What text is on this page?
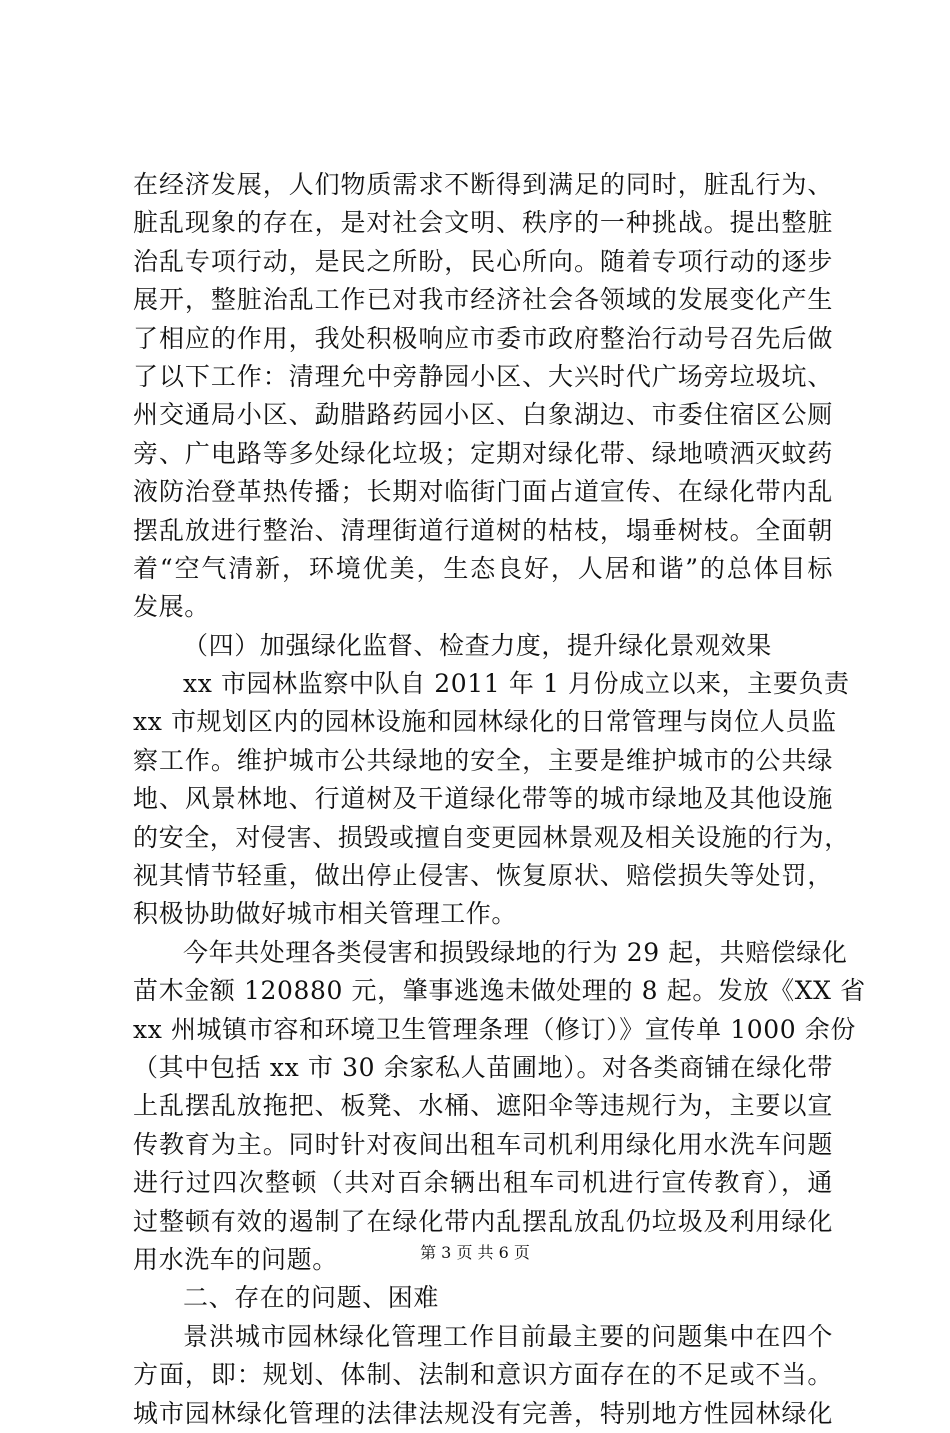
在经济发展，人们物质需求不断得到满足的同时，脏乱行为、
脏乱现象的存在，是对社会文明、秩序的一种挑战。提出整脏
治乱专项行动，是民之所盼，民心所向。随着专项行动的逐步
展开，整脏治乱工作已对我市经济社会各领域的发展变化产生
了相应的作用，我处积极响应市委市政府整治行动号召先后做
了以下工作：清理允中旁静园小区、大兴时代广场旁垃圾坑、
州交通局小区、勐腊路药园小区、白象湖边、市委住宿区公厕
旁、广电路等多处绿化垃圾；定期对绿化带、绿地喷洒灭蚊药
液防治登革热传播；长期对临街门面占道宣传、在绿化带内乱
摆乱放进行整治、清理街道行道树的枯枝，塌垂树枝。全面朝
着“空气清新，环境优美，生态良好，人居和谐”的总体目标
发展。
（四）加强绿化监督、检查力度，提升绿化景观效果
xx 市园林监察中队自 2011 年 1 月份成立以来，主要负责
xx 市规划区内的园林设施和园林绿化的日常管理与岗位人员监
察工作。维护城市公共绿地的安全，主要是维护城市的公共绿
地、风景林地、行道树及干道绿化带等的城市绿地及其他设施
的安全，对侵害、损毁或擅自变更园林景观及相关设施的行为，
视其情节轻重，做出停止侵害、恢复原状、赔偿损失等处罚，
积极协助做好城市相关管理工作。
今年共处理各类侵害和损毁绿地的行为 29 起，共赔偿绿化
苗木金额 120880 元，肇事逃逸未做处理的 8 起。发放《XX 省
xx 州城镇市容和环境卫生管理条理（修订）》宣传单 1000 余份
（其中包括 xx 市 30 余家私人苗圃地）。对各类商铺在绿化带
上乱摆乱放拖把、板凳、水桶、遮阳伞等违规行为，主要以宣
传教育为主。同时针对夜间出租车司机利用绿化用水洗车问题
进行过四次整顿（共对百余辆出租车司机进行宣传教育），通
过整顿有效的遏制了在绿化带内乱摆乱放乱仍垃圾及利用绿化
用水洗车的问题。
二、存在的问题、困难
景洪城市园林绿化管理工作目前最主要的问题集中在四个
方面，即：规划、体制、法制和意识方面存在的不足或不当。
城市园林绿化管理的法律法规没有完善，特别地方性园林绿化
第 3 页 共 6 页
